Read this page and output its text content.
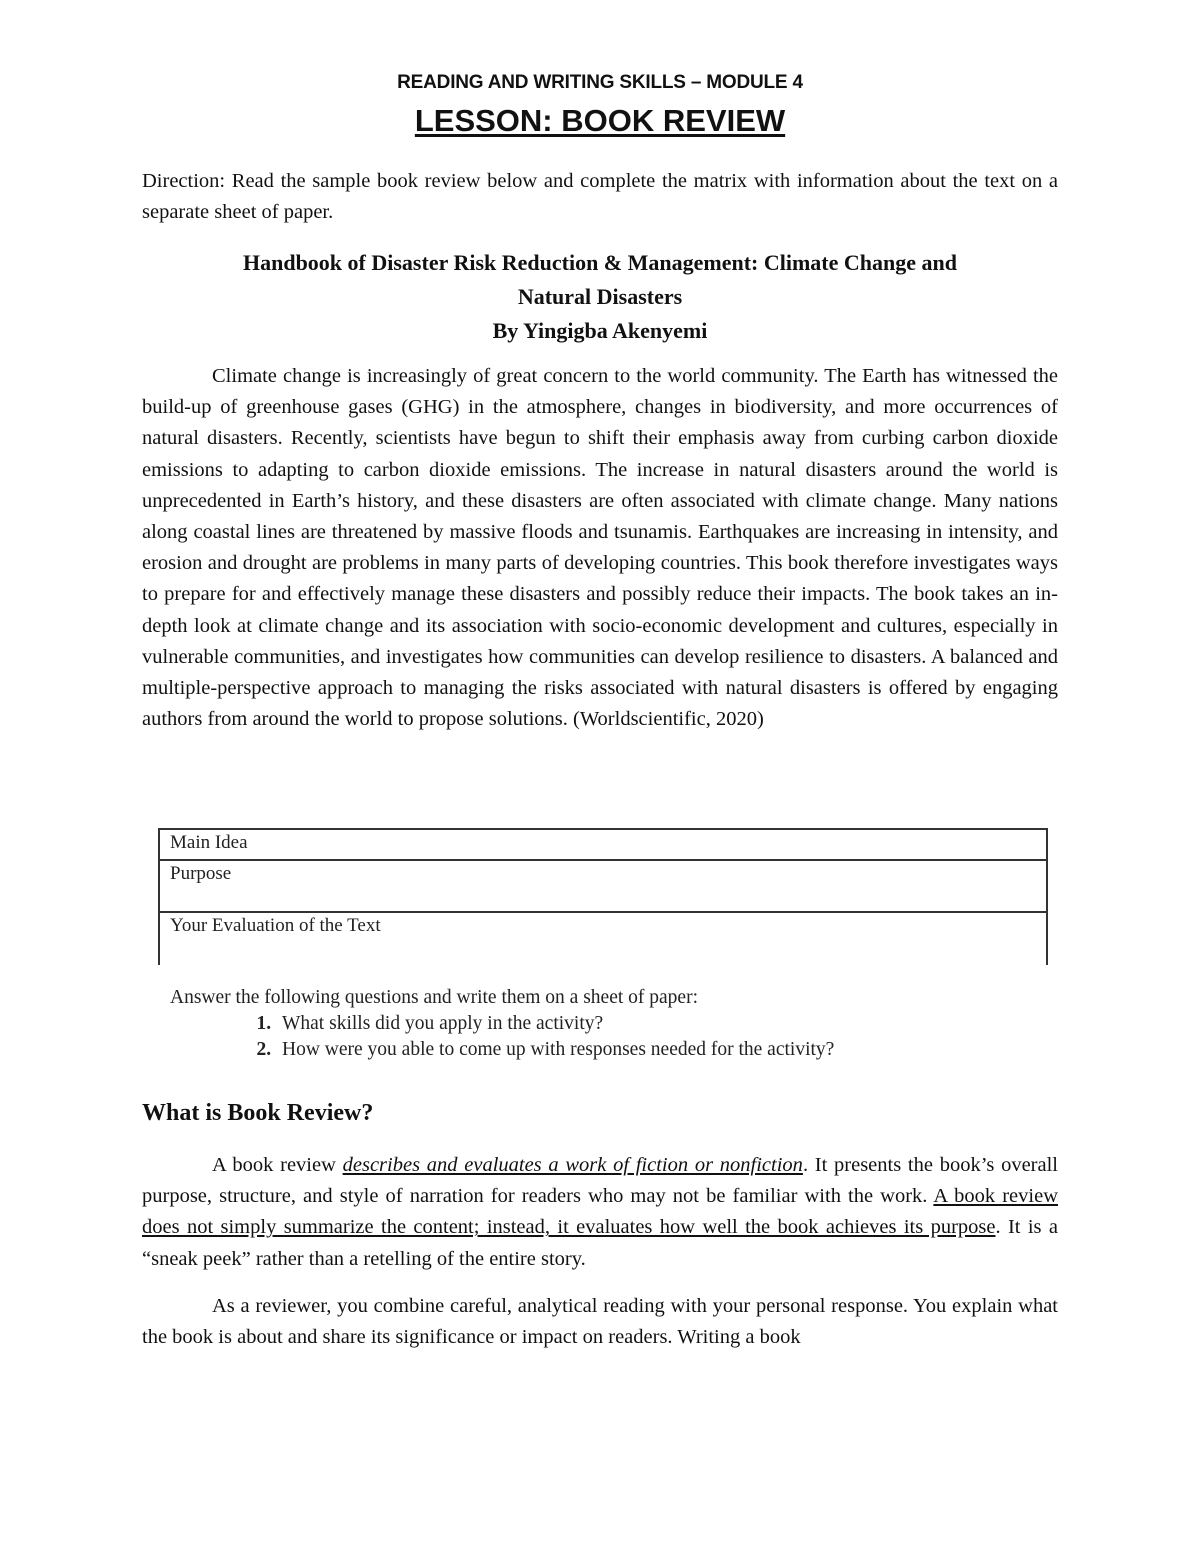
READING AND WRITING SKILLS – MODULE 4
LESSON: BOOK REVIEW

Direction: Read the sample book review below and complete the matrix with information about the text on a separate sheet of paper.

Handbook of Disaster Risk Reduction & Management: Climate Change and
Natural Disasters
By Yingigba Akenyemi

Climate change is increasingly of great concern to the world community. The Earth has witnessed the build-up of greenhouse gases (GHG) in the atmosphere, changes in biodiversity, and more occurrences of natural disasters. Recently, scientists have begun to shift their emphasis away from curbing carbon dioxide emissions to adapting to carbon dioxide emissions. The increase in natural disasters around the world is unprecedented in Earth’s history, and these disasters are often associated with climate change. Many nations along coastal lines are threatened by massive floods and tsunamis. Earthquakes are increasing in intensity, and erosion and drought are problems in many parts of developing countries. This book therefore investigates ways to prepare for and effectively manage these disasters and possibly reduce their impacts. The book takes an in-depth look at climate change and its association with socio-economic development and cultures, especially in vulnerable communities, and investigates how communities can develop resilience to disasters. A balanced and multiple-perspective approach to managing the risks associated with natural disasters is offered by engaging authors from around the world to propose solutions. (Worldscientific, 2020)

Main Idea	
Purpose	
Your Evaluation of the Text	
Answer the following questions and write them on a sheet of paper:
1. What skills did you apply in the activity?
2. How were you able to come up with responses needed for the activity?
What is Book Review?

A book review describes and evaluates a work of fiction or nonfiction. It presents the book’s overall purpose, structure, and style of narration for readers who may not be familiar with the work. A book review does not simply summarize the content; instead, it evaluates how well the book achieves its purpose. It is a “sneak peek” rather than a retelling of the entire story.

As a reviewer, you combine careful, analytical reading with your personal response. You explain what the book is about and share its significance or impact on readers. Writing a book
